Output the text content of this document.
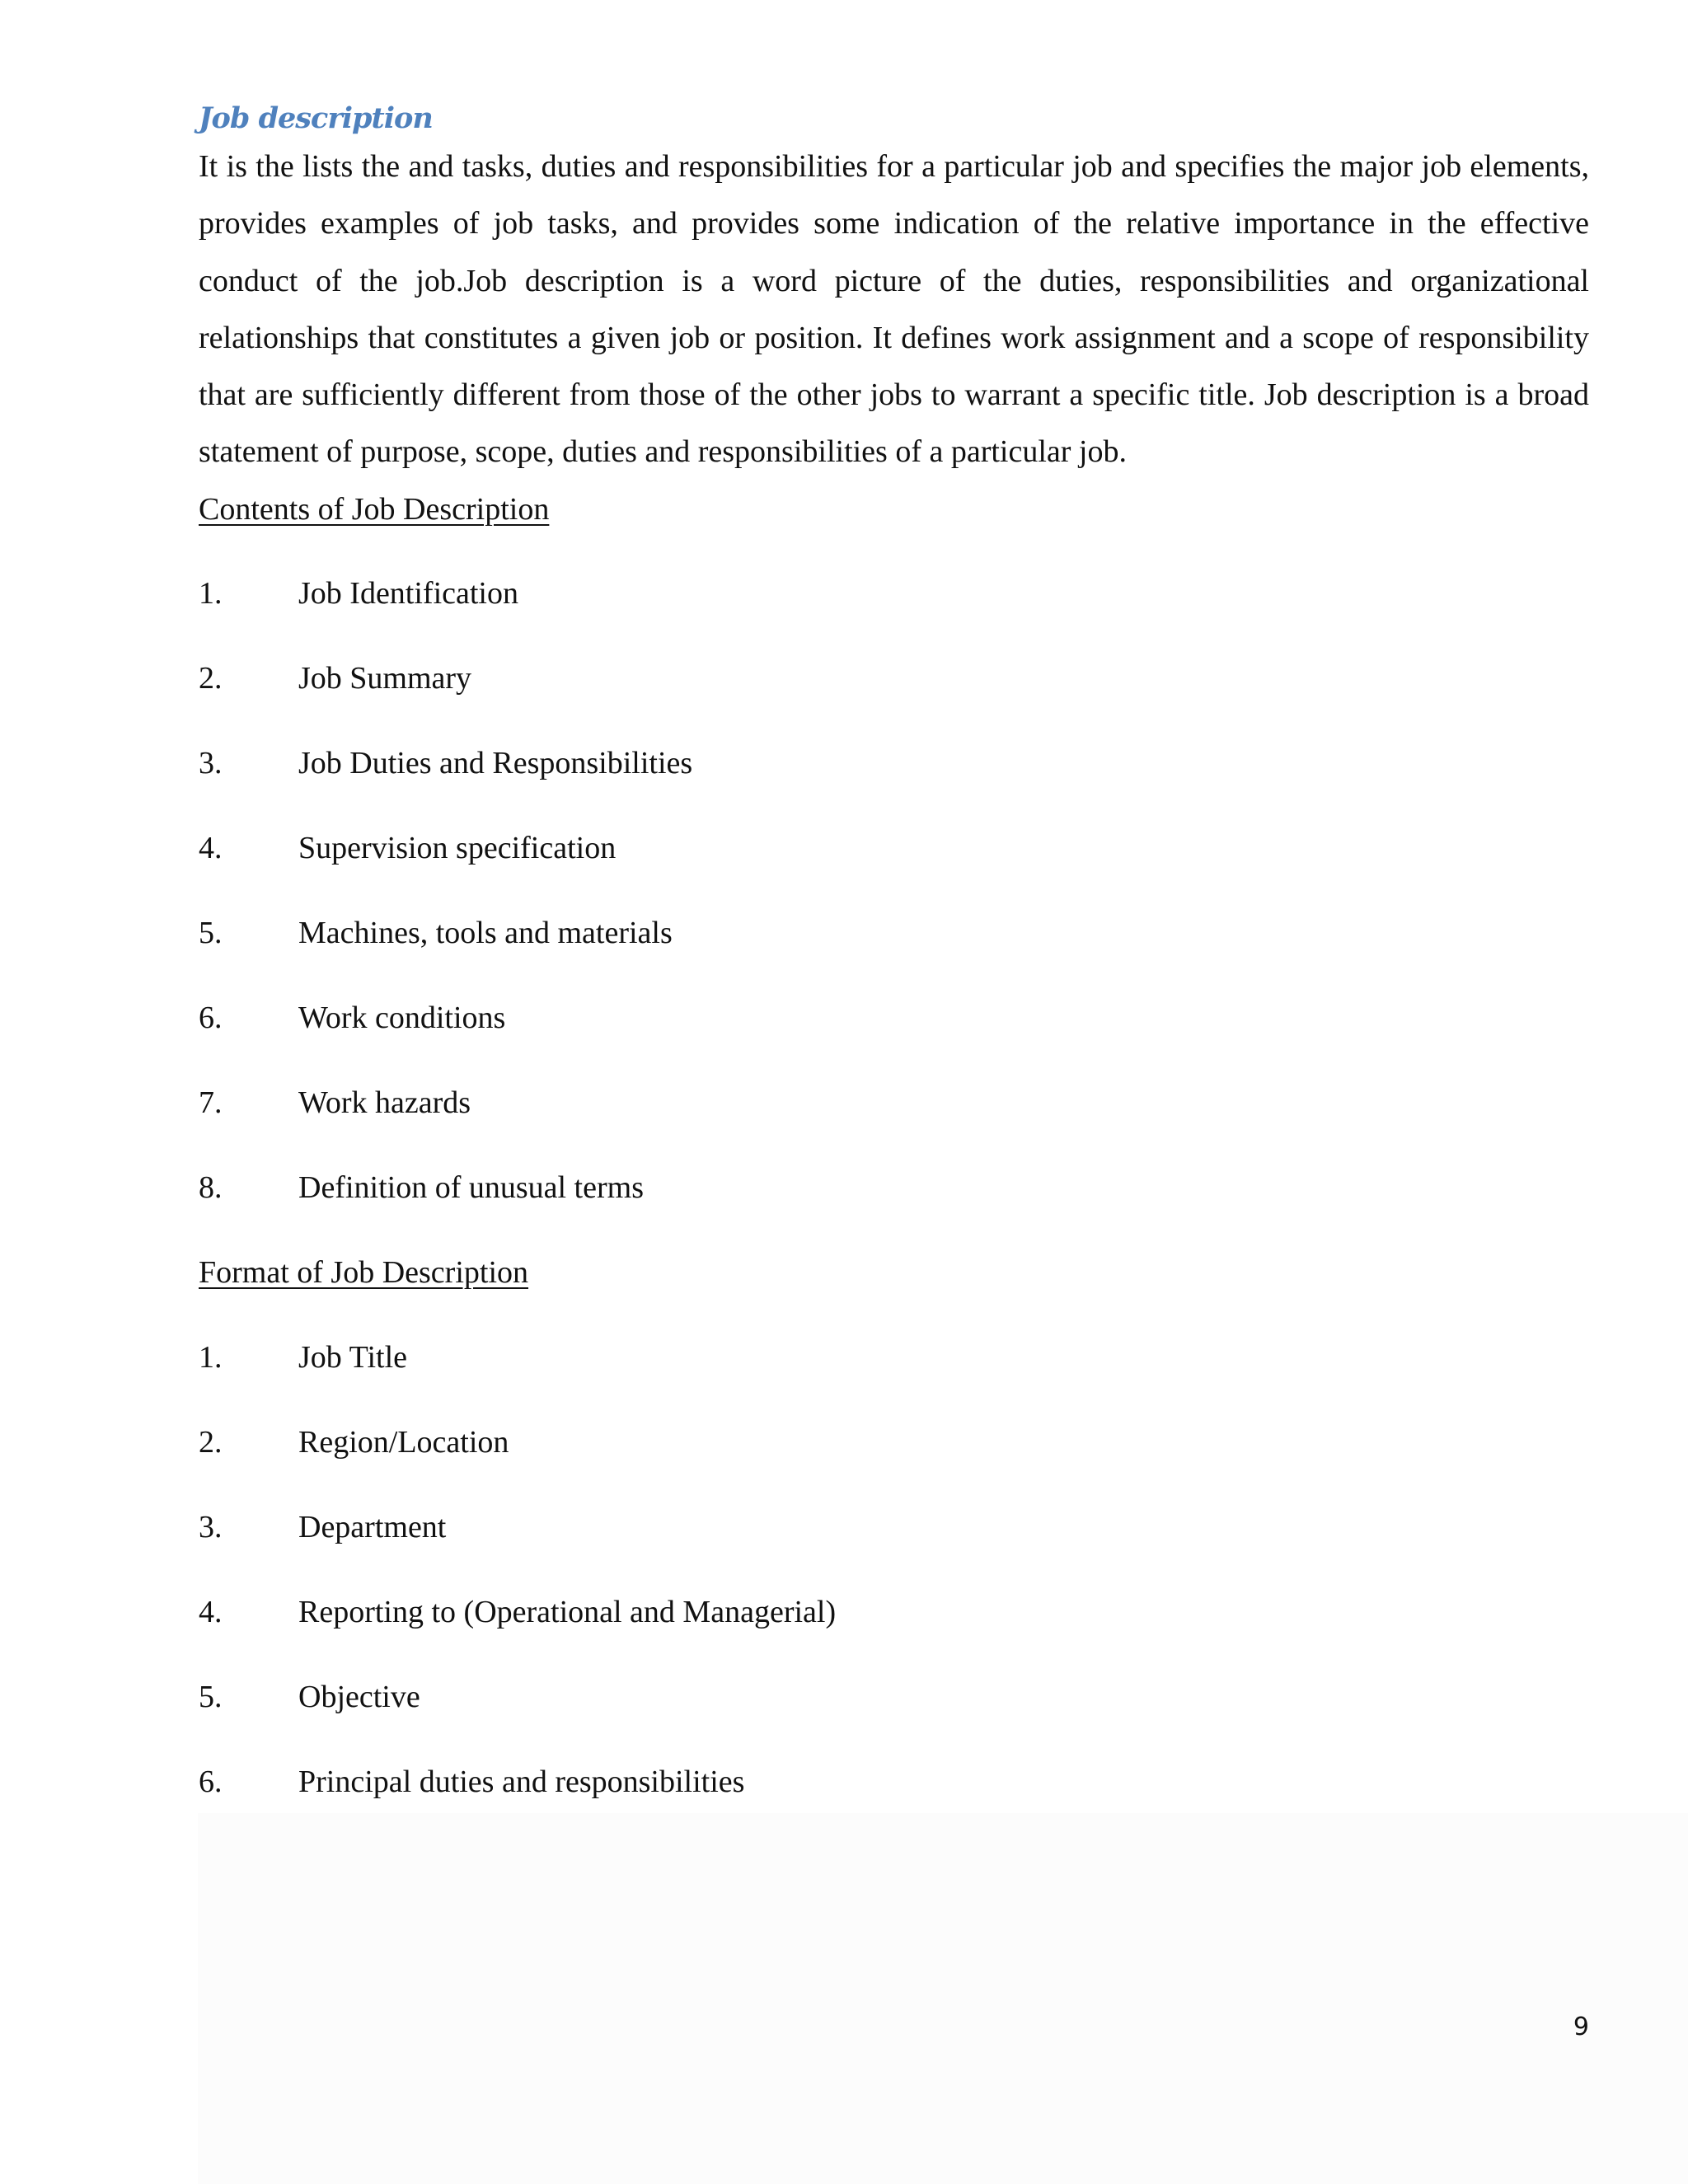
Job description

It is the lists the and tasks, duties and responsibilities for a particular job and specifies the major job elements, provides examples of job tasks, and provides some indication of the relative importance in the effective conduct of the job.Job description is a word picture of the duties, responsibilities and organizational relationships that constitutes a given job or position. It defines work assignment and a scope of responsibility that are sufficiently different from those of the other jobs to warrant a specific title. Job description is a broad statement of purpose, scope, duties and responsibilities of a particular job.

Contents of Job Description
1.	Job Identification
2.	Job Summary
3.	Job Duties and Responsibilities
4.	Supervision specification
5.	Machines, tools and materials
6.	Work conditions
7.	Work hazards
8.	Definition of unusual terms
Format of Job Description
1.	Job Title
2.	Region/Location
3.	Department
4.	Reporting to (Operational and Managerial)
5.	Objective
6.	Principal duties and responsibilities
9
